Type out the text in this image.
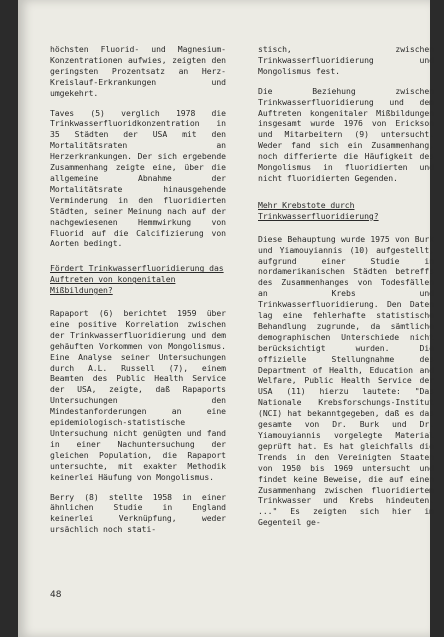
höchsten Fluorid- und Magnesium-Konzentrationen aufwies, zeigten den geringsten Prozentsatz an Herz-Kreislauf-Erkrankungen und umgekehrt.

Taves (5) verglich 1978 die Trinkwasserfluoridkonzentration in 35 Städten der USA mit den Mortalitätsraten an Herzerkrankungen. Der sich ergebende Zusammenhang zeigte eine, über die allgemeine Abnahme der Mortalitätsrate hinausgehende Verminderung in den fluoridierten Städten, seiner Meinung nach auf der nachgewiesenen Hemmwirkung von Fluorid auf die Calcifizierung von Aorten bedingt.

Fördert Trinkwasserfluoridierung das Auftreten von kongenitalen Mißbildungen?

Rapaport (6) berichtet 1959 über eine positive Korrelation zwischen der Trinkwasserfluoridierung und dem gehäuften Vorkommen von Mongolismus. Eine Analyse seiner Untersuchungen durch A.L. Russell (7), einem Beamten des Public Health Service der USA, zeigte, daß Rapaports Untersuchungen den Mindestanforderungen an eine epidemiologisch-statistische Untersuchung nicht genügten und fand in einer Nachuntersuchung der gleichen Population, die Rapaport untersuchte, mit exakter Methodik keinerlei Häufung von Mongolismus.

Berry (8) stellte 1958 in einer ähnlichen Studie in England keinerlei Verknüpfung, weder ursächlich noch stati-

stisch, zwischen Trinkwasserfluoridierung und Mongolismus fest.

Die Beziehung zwischen Trinkwasserfluoridierung und dem Auftreten kongenitaler Mißbildungen insgesamt wurde 1976 von Erickson und Mitarbeitern (9) untersucht. Weder fand sich ein Zusammenhang, noch differierte die Häufigkeit des Mongolismus in fluoridierten und nicht fluoridierten Gegenden.

Mehr Krebstote durch Trinkwasserfluoridierung?

Diese Behauptung wurde 1975 von Burk und Yiamouyiannis (10) aufgestellt, aufgrund einer Studie in nordamerikanischen Städten betreffs des Zusammenhanges von Todesfällen an Krebs und Trinkwasserfluoridierung. Den Daten lag eine fehlerhafte statistische Behandlung zugrunde, da sämtliche demographischen Unterschiede nicht berücksichtigt wurden. Die offizielle Stellungnahme des Department of Health, Education and Welfare, Public Health Service der USA (11) hierzu lautete: "Das Nationale Krebsforschungs-Institut (NCI) hat bekanntgegeben, daß es das gesamte von Dr. Burk und Dr. Yiamouyiannis vorgelegte Material geprüft hat. Es hat gleichfalls die Trends in den Vereinigten Staaten von 1950 bis 1969 untersucht und findet keine Beweise, die auf einen Zusammenhang zwischen fluoridiertem Trinkwasser und Krebs hindeuten. ..." Es zeigten sich hier im Gegenteil ge-

48
